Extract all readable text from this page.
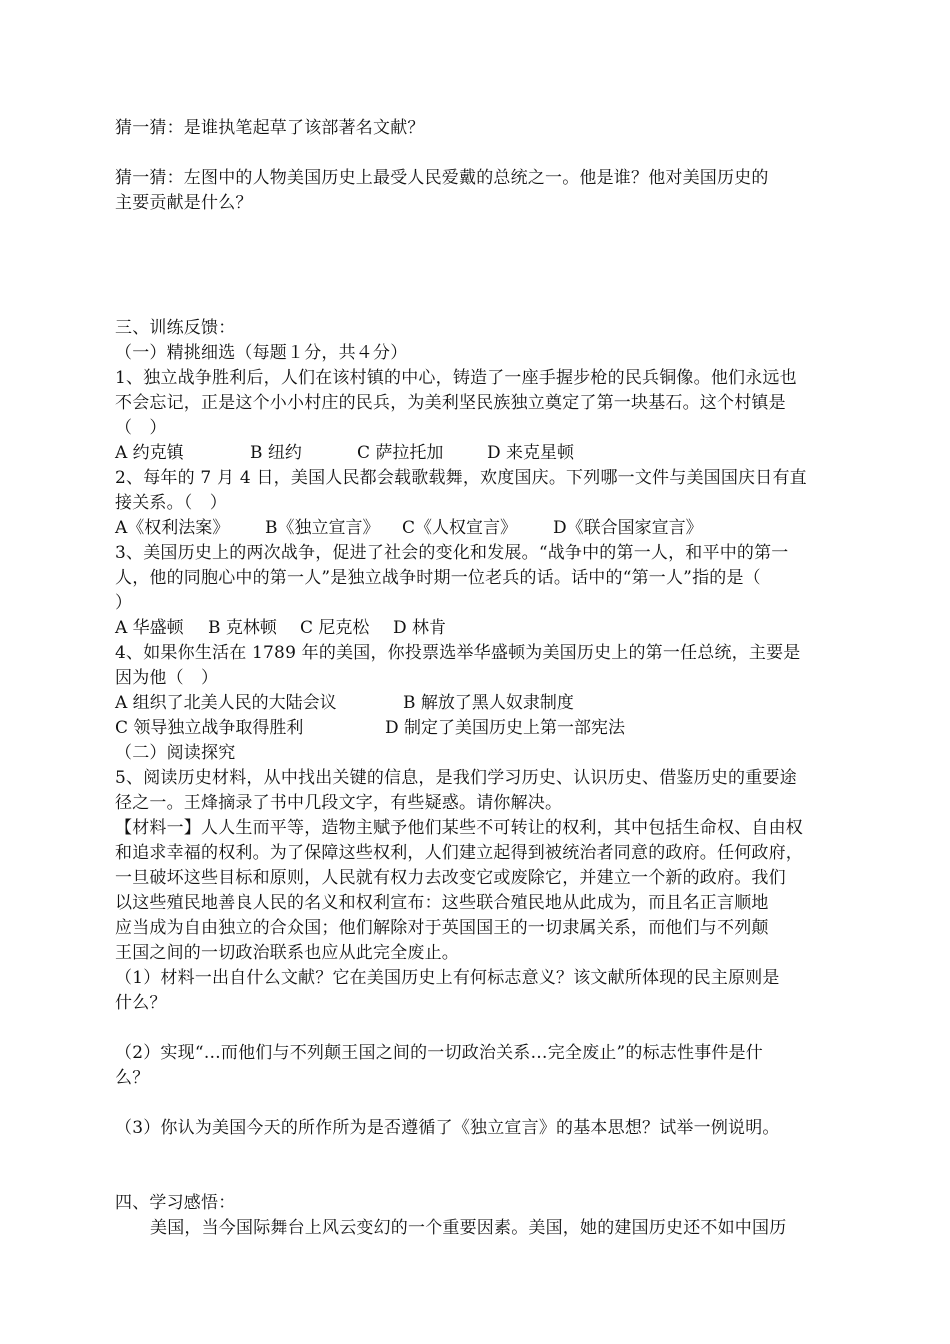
猜一猜：是谁执笔起草了该部著名文献？
猜一猜：左图中的人物美国历史上最受人民爱戴的总统之一。他是谁？他对美国历史的
主要贡献是什么？
三、训练反馈：
（一）精挑细选（每题１分，共４分）
1、独立战争胜利后，人们在该村镇的中心，铸造了一座手握步枪的民兵铜像。他们永远也
不会忘记，正是这个小小村庄的民兵，为美利坚民族独立奠定了第一块基石。这个村镇是
（　）
A 约克镇	B 纽约	C 萨拉托加	D 来克星顿
2、每年的 7 月 4 日，美国人民都会载歌载舞，欢度国庆。下列哪一文件与美国国庆日有直
接关系。（　）
A《权利法案》 B《独立宣言》 C《人权宣言》 D《联合国家宣言》
3、美国历史上的两次战争，促进了社会的变化和发展。“战争中的第一人，和平中的第一
人，他的同胞心中的第一人”是独立战争时期一位老兵的话。话中的“第一人”指的是（
）
A 华盛顿 B 克林顿 C 尼克松 D 林肯
4、如果你生活在 1789 年的美国，你投票选举华盛顿为美国历史上的第一任总统，主要是
因为他（　）
A 组织了北美人民的大陆会议	B 解放了黑人奴隶制度
C 领导独立战争取得胜利	D 制定了美国历史上第一部宪法
（二）阅读探究
5、阅读历史材料，从中找出关键的信息，是我们学习历史、认识历史、借鉴历史的重要途
径之一。王烽摘录了书中几段文字，有些疑惑。请你解决。
【材料一】人人生而平等，造物主赋予他们某些不可转让的权利，其中包括生命权、自由权
和追求幸福的权利。为了保障这些权利，人们建立起得到被统治者同意的政府。任何政府，
一旦破坏这些目标和原则，人民就有权力去改变它或废除它，并建立一个新的政府。我们
以这些殖民地善良人民的名义和权利宣布：这些联合殖民地从此成为，而且名正言顺地
应当成为自由独立的合众国；他们解除对于英国国王的一切隶属关系，而他们与不列颠
王国之间的一切政治联系也应从此完全废止。
（1）材料一出自什么文献？它在美国历史上有何标志意义？该文献所体现的民主原则是
什么？
（2）实现“…而他们与不列颠王国之间的一切政治关系…完全废止”的标志性事件是什
么？
（3）你认为美国今天的所作所为是否遵循了《独立宣言》的基本思想？试举一例说明。
四、学习感悟：
美国，当今国际舞台上风云变幻的一个重要因素。美国，她的建国历史还不如中国历
